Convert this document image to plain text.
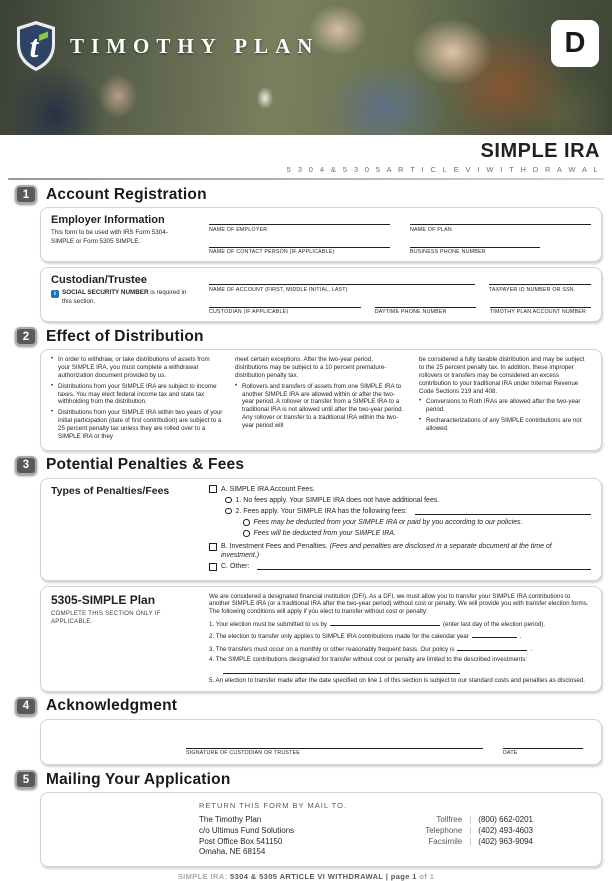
t TIMOTHY PLAN	D
SIMPLE IRA
5 3 0 4 & 5 3 0 5 A R T I C L E V I W I T H D R A W A L
1	Account Registration
Employer Information
This form to be used with IRS Form 5304-SIMPLE or Form 5305 SIMPLE.
NAME OF EMPLOYER	NAME OF PLAN
NAME OF CONTACT PERSON (IF APPLICABLE)	BUSINESS PHONE NUMBER
Custodian/Trustee
i SOCIAL SECURITY NUMBER is required in this section.
NAME OF ACCOUNT (FIRST, MIDDLE INITIAL, LAST)	TAXPAYER ID NUMBER OR SSN
CUSTODIAN (IF APPLICABLE)	DAYTIME PHONE NUMBER	TIMOTHY PLAN ACCOUNT NUMBER
2	Effect of Distribution
• In order to withdraw, or take distributions of assets from your SIMPLE IRA, you must complete a withdrawal authorization document provided by us.
• Distributions from your SIMPLE IRA are subject to income taxes. You may elect federal income tax and state tax withholding from the distribution.
• Distributions from your SIMPLE IRA within two years of your initial participation (date of first contribution) are subject to a 25 percent penalty tax unless they are rolled over to a SIMPLE IRA or they
meet certain exceptions. After the two-year period, distributions may be subject to a 10 percent premature-distribution penalty tax.
• Rollovers and transfers of assets from one SIMPLE IRA to another SIMPLE IRA are allowed within or after the two-year period. A rollover or transfer from a SIMPLE IRA to a traditional IRA is not allowed until after the two-year period. Any rollover or transfer to a traditional IRA within the two-year period will
be considered a fully taxable distribution and may be subject to the 25 percent penalty tax. In addition, these improper rollovers or transfers may be considered an excess contribution to your traditional IRA under Internal Revenue Code Sections 219 and 408.
• Conversions to Roth IRAs are allowed after the two-year period.
• Recharacterizations of any SIMPLE contributions are not allowed.
3	Potential Penalties & Fees
Types of Penalties/Fees	A. SIMPLE IRA Account Fees.
1. No fees apply. Your SIMPLE IRA does not have additional fees.
2. Fees apply. Your SIMPLE IRA has the following fees:
Fees may be deducted from your SIMPLE IRA or paid by you according to our policies.
Fees will be deducted from your SIMPLE IRA.
B. Investment Fees and Penalties. (Fees and penalties are disclosed in a separate document at the time of investment.)
C. Other:
5305-SIMPLE Plan
COMPLETE THIS SECTION ONLY IF APPLICABLE.
We are considered a designated financial institution (DFI). As a DFI, we must allow you to transfer your SIMPLE IRA contributions to another SIMPLE IRA (or a traditional IRA after the two-year period) without cost or penalty. We will provide you with transfer election forms. The following conditions will apply if you elect to transfer without cost or penalty:
1. Your election must be submitted to us by	(enter last day of the election period).
2. The election to transfer only applies to SIMPLE IRA contributions made for the calendar year	.
3. The transfers must occur on a monthly or other reasonably frequent basis. Our policy is	.
4. The SIMPLE contributions designated for transfer without cost or penalty are limited to the described investments:
5. An election to transfer made after the date specified on line 1 of this section is subject to our standard costs and penalties as disclosed.
4	Acknowledgment
SIGNATURE OF CUSTODIAN OR TRUSTEE	DATE
5	Mailing Your Application
RETURN THIS FORM BY MAIL TO.
The Timothy Plan
c/o Ultimus Fund Solutions
Post Office Box 541150
Omaha, NE 68154
Tollfree | (800) 662-0201
Telephone | (402) 493-4603
Facsimile | (402) 963-9094
SIMPLE IRA: 5304 & 5305 ARTICLE VI WITHDRAWAL | page 1 of 1
